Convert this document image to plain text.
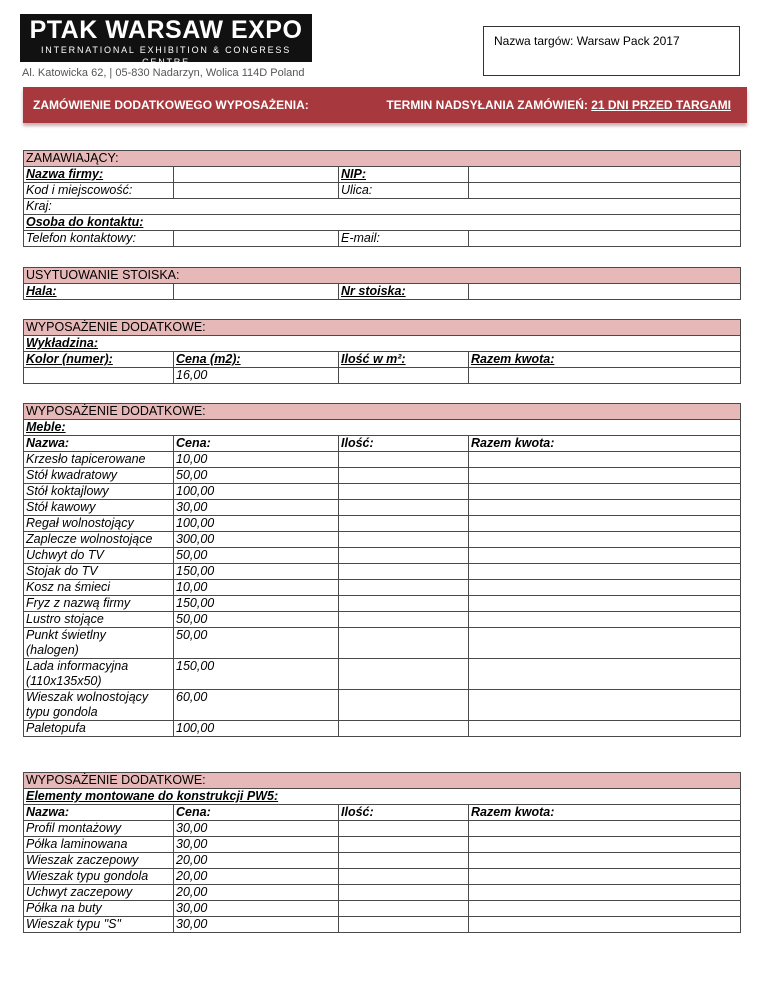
PTAK WARSAW EXPO
INTERNATIONAL EXHIBITION & CONGRESS CENTRE
Al. Katowicka 62, | 05-830 Nadarzyn, Wolica 114D Poland
Nazwa targów: Warsaw Pack 2017
ZAMÓWIENIE DODATKOWEGO WYPOSAŻENIA:	TERMIN NADSYŁANIA ZAMÓWIEŃ: 21 DNI PRZED TARGAMI
ZAMAWIAJĄCY:			
Nazwa firmy:		NIP:	
Kod i miejscowość:		Ulica:	
Kraj:			
Osoba do kontaktu:			
Telefon kontaktowy:		E-mail:	
USYTUOWANIE STOISKA:
Hala:		Nr stoiska:	
WYPOSAŻENIE DODATKOWE:			
Wykładzina:			
Kolor (numer):	Cena (m2):	Ilość w m²:	Razem kwota:
	16,00		
WYPOSAŻENIE DODATKOWE:			
Meble:			
Nazwa:	Cena:	Ilość:	Razem kwota:
Krzesło tapicerowane	10,00		
Stół kwadratowy	50,00		
Stół koktajlowy	100,00		
Stół kawowy	30,00		
Regał wolnostojący	100,00		
Zaplecze wolnostojące	300,00		
Uchwyt do TV	50,00		
Stojak do TV	150,00		
Kosz na śmieci	10,00		
Fryz z nazwą firmy	150,00		
Lustro stojące	50,00		
Punkt świetlny
(halogen)	50,00		
Lada informacyjna
(110x135x50)	150,00		
Wieszak wolnostojący
typu gondola	60,00		
Paletopufa	100,00		
WYPOSAŻENIE DODATKOWE:			
Elementy montowane do konstrukcji PW5:			
Nazwa:	Cena:	Ilość:	Razem kwota:
Profil montażowy	30,00		
Półka laminowana	30,00		
Wieszak zaczepowy	20,00		
Wieszak typu gondola	20,00		
Uchwyt zaczepowy	20,00		
Półka na buty	30,00		
Wieszak typu "S"	30,00		
